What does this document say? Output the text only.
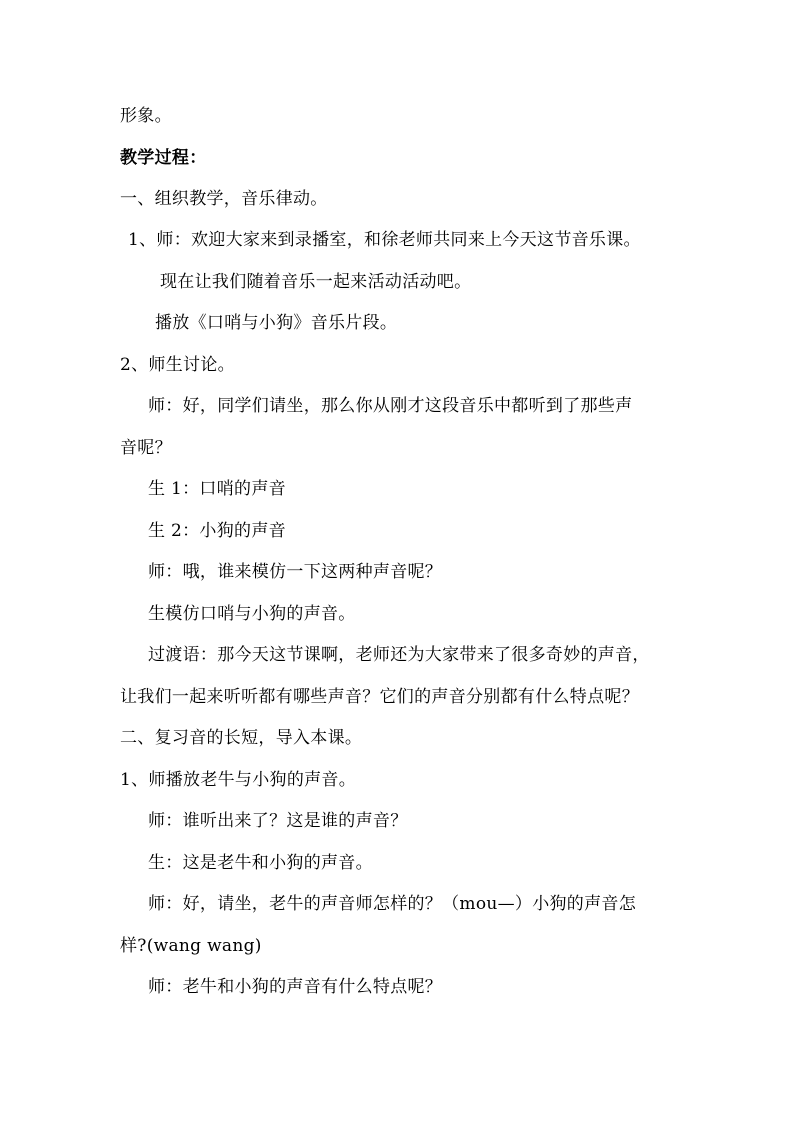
形象。
教学过程：
一、组织教学，音乐律动。
1、师：欢迎大家来到录播室，和徐老师共同来上今天这节音乐课。
现在让我们随着音乐一起来活动活动吧。
播放《口哨与小狗》音乐片段。
2、师生讨论。
师：好，同学们请坐，那么你从刚才这段音乐中都听到了那些声
音呢？
生 1：口哨的声音
生 2：小狗的声音
师：哦，谁来模仿一下这两种声音呢？
生模仿口哨与小狗的声音。
过渡语：那今天这节课啊，老师还为大家带来了很多奇妙的声音，
让我们一起来听听都有哪些声音？它们的声音分别都有什么特点呢？
二、复习音的长短，导入本课。
1、师播放老牛与小狗的声音。
师：谁听出来了？这是谁的声音？
生：这是老牛和小狗的声音。
师：好，请坐，老牛的声音师怎样的？（mou—）小狗的声音怎
样?(wang wang)
师：老牛和小狗的声音有什么特点呢？
